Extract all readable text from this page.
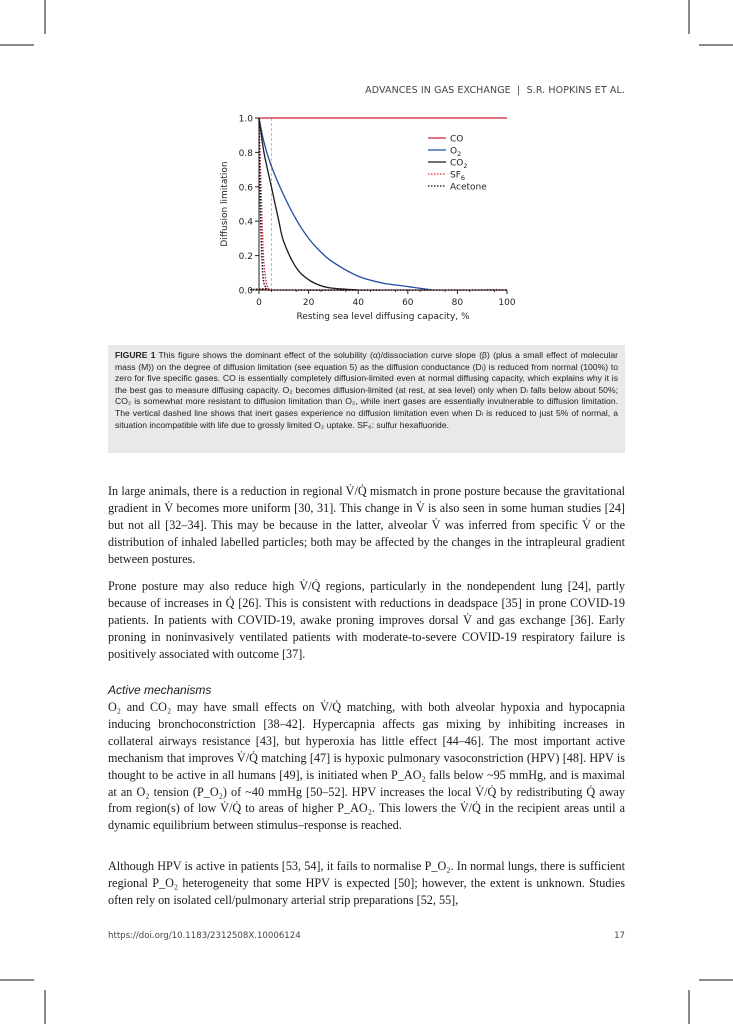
ADVANCES IN GAS EXCHANGE  |  S.R. HOPKINS ET AL.
0.0
0.2
0.4
0.6
0.8
1.0
0	20	40	60	80	100
Resting sea level diffusing capacity, %
Diffusion limitation
CO
$O_2$
$CO_2$
$SF_6$
Acetone
FIGURE 1 This figure shows the dominant effect of the solubility (α)/dissociation curve slope (β) (plus a small effect of molecular mass (M)) on the degree of diffusion limitation (see equation 5) as the diffusion conductance (Dₗ) is reduced from normal (100%) to zero for five specific gases. CO is essentially completely diffusion-limited even at normal diffusing capacity, which explains why it is the best gas to measure diffusing capacity. O₂ becomes diffusion-limited (at rest, at sea level) only when Dₗ falls below about 50%; CO₂ is somewhat more resistant to diffusion limitation than O₂, while inert gases are essentially invulnerable to diffusion limitation. The vertical dashed line shows that inert gases experience no diffusion limitation even when Dₗ is reduced to just 5% of normal, a situation incompatible with life due to grossly limited O₂ uptake. SF₆: sulfur hexafluoride.
In large animals, there is a reduction in regional V̇/Q̇ mismatch in prone posture because the gravitational gradient in V̇ becomes more uniform [30, 31]. This change in V̇ is also seen in some human studies [24] but not all [32–34]. This may be because in the latter, alveolar V̇ was inferred from specific V̇ or the distribution of inhaled labelled particles; both may be affected by the changes in the intrapleural gradient between postures.
Prone posture may also reduce high V̇/Q̇ regions, particularly in the nondependent lung [24], partly because of increases in Q̇ [26]. This is consistent with reductions in deadspace [35] in prone COVID-19 patients. In patients with COVID-19, awake proning improves dorsal V̇ and gas exchange [36]. Early proning in noninvasively ventilated patients with moderate-to-severe COVID-19 respiratory failure is positively associated with outcome [37].
Active mechanisms
O₂ and CO₂ may have small effects on V̇/Q̇ matching, with both alveolar hypoxia and hypocapnia inducing bronchoconstriction [38–42]. Hypercapnia affects gas mixing by inhibiting increases in collateral airways resistance [43], but hyperoxia has little effect [44–46]. The most important active mechanism that improves V̇/Q̇ matching [47] is hypoxic pulmonary vasoconstriction (HPV) [48]. HPV is thought to be active in all humans [49], is initiated when P_AO₂ falls below ~95 mmHg, and is maximal at an O₂ tension (P_O₂) of ~40 mmHg [50–52]. HPV increases the local V̇/Q̇ by redistributing Q̇ away from region(s) of low V̇/Q̇ to areas of higher P_AO₂. This lowers the V̇/Q̇ in the recipient areas until a dynamic equilibrium between stimulus–response is reached.
Although HPV is active in patients [53, 54], it fails to normalise P_O₂. In normal lungs, there is sufficient regional P_O₂ heterogeneity that some HPV is expected [50]; however, the extent is unknown. Studies often rely on isolated cell/pulmonary arterial strip preparations [52, 55],
https://doi.org/10.1183/2312508X.10006124	17
